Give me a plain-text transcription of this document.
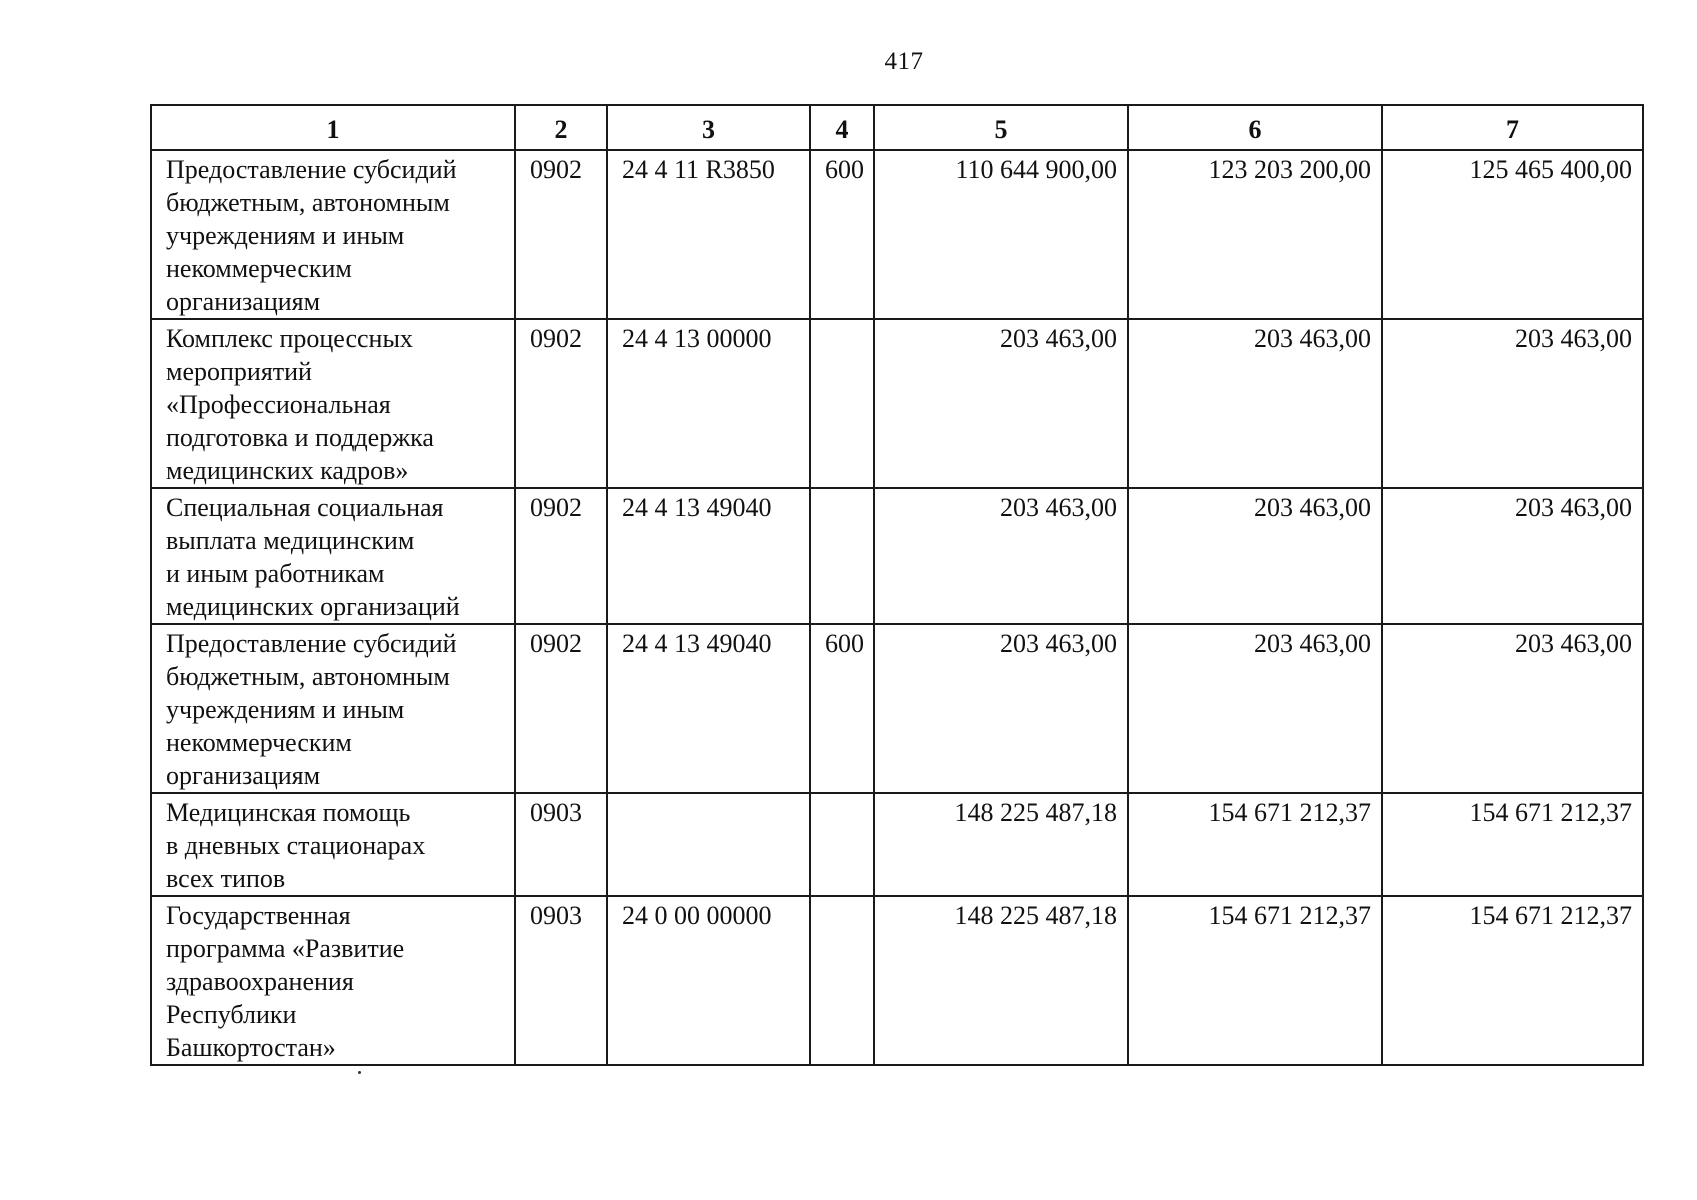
417
1	2	3	4	5	6	7

Предоставление субсидий
бюджетным, автономным
учреждениям и иным
некоммерческим
организациям	0902	24 4 11 R3850	600	110 644 900,00	123 203 200,00	125 465 400,00

Комплекс процессных
мероприятий
«Профессиональная
подготовка и поддержка
медицинских кадров»	0902	24 4 13 00000		203 463,00	203 463,00	203 463,00

Специальная социальная
выплата медицинским
и иным работникам
медицинских организаций	0902	24 4 13 49040		203 463,00	203 463,00	203 463,00

Предоставление субсидий
бюджетным, автономным
учреждениям и иным
некоммерческим
организациям	0902	24 4 13 49040	600	203 463,00	203 463,00	203 463,00

Медицинская помощь
в дневных стационарах
всех типов	0903			148 225 487,18	154 671 212,37	154 671 212,37

Государственная
программа «Развитие
здравоохранения
Республики
Башкортостан»	0903	24 0 00 00000		148 225 487,18	154 671 212,37	154 671 212,37
